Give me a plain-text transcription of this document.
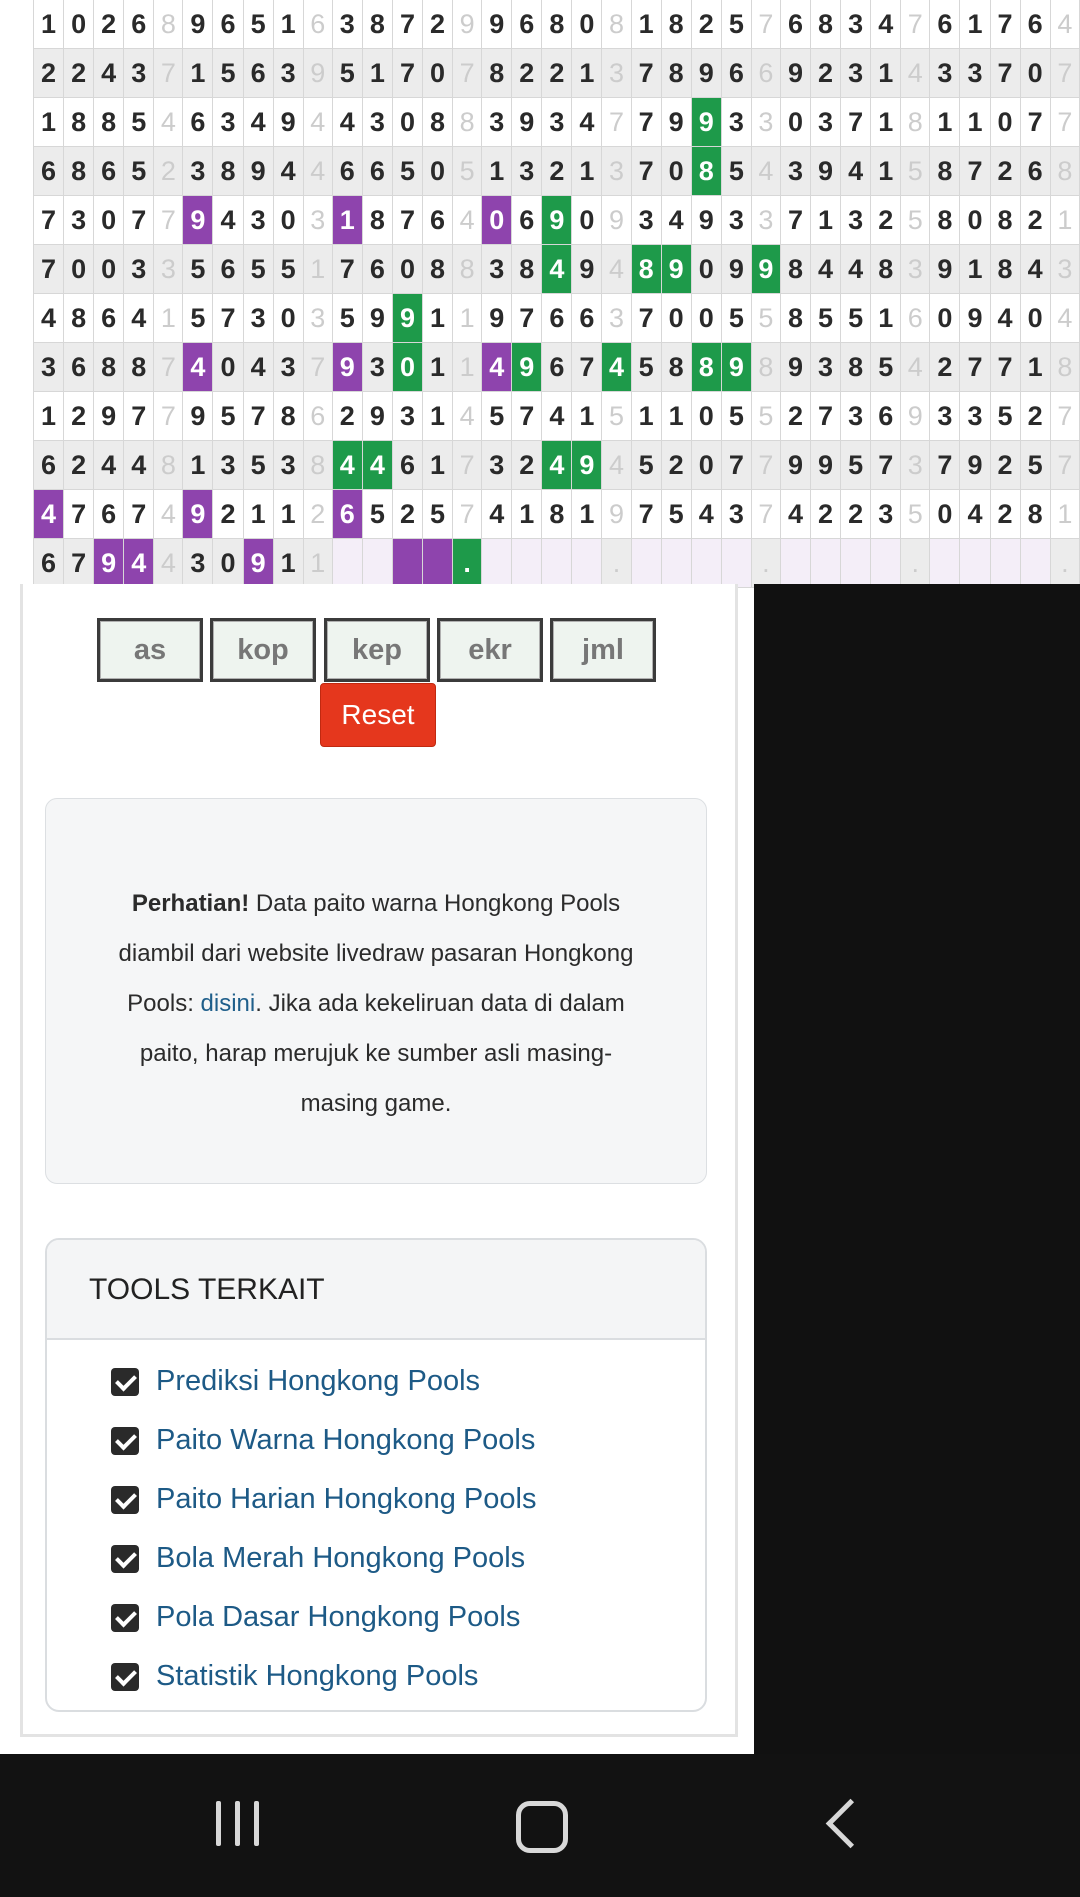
1	0	2	6	8	9	6	5	1	6	3	8	7	2	9	9	6	8	0	8	1	8	2	5	7	6	8	3	4	7	6	1	7	6	4
2	2	4	3	7	1	5	6	3	9	5	1	7	0	7	8	2	2	1	3	7	8	9	6	6	9	2	3	1	4	3	3	7	0	7
1	8	8	5	4	6	3	4	9	4	4	3	0	8	8	3	9	3	4	7	7	9	9	3	3	0	3	7	1	8	1	1	0	7	7
6	8	6	5	2	3	8	9	4	4	6	6	5	0	5	1	3	2	1	3	7	0	8	5	4	3	9	4	1	5	8	7	2	6	8
7	3	0	7	7	9	4	3	0	3	1	8	7	6	4	0	6	9	0	9	3	4	9	3	3	7	1	3	2	5	8	0	8	2	1
7	0	0	3	3	5	6	5	5	1	7	6	0	8	8	3	8	4	9	4	8	9	0	9	9	8	4	4	8	3	9	1	8	4	3
4	8	6	4	1	5	7	3	0	3	5	9	9	1	1	9	7	6	6	3	7	0	0	5	5	8	5	5	1	6	0	9	4	0	4
3	6	8	8	7	4	0	4	3	7	9	3	0	1	1	4	9	6	7	4	5	8	8	9	8	9	3	8	5	4	2	7	7	1	8
1	2	9	7	7	9	5	7	8	6	2	9	3	1	4	5	7	4	1	5	1	1	0	5	5	2	7	3	6	9	3	3	5	2	7
6	2	4	4	8	1	3	5	3	8	4	4	6	1	7	3	2	4	9	4	5	2	0	7	7	9	9	5	7	3	7	9	2	5	7
4	7	6	7	4	9	2	1	1	2	6	5	2	5	7	4	1	8	1	9	7	5	4	3	7	4	2	2	3	5	0	4	2	8	1
6	7	9	4	4	3	0	9	1	1					.					.					.					.					.
as	kop	kep	ekr	jml
Reset
Perhatian! Data paito warna Hongkong Pools diambil dari website livedraw pasaran Hongkong Pools: disini. Jika ada kekeliruan data di dalam paito, harap merujuk ke sumber asli masing-masing game.
TOOLS TERKAIT
Prediksi Hongkong Pools
Paito Warna Hongkong Pools
Paito Harian Hongkong Pools
Bola Merah Hongkong Pools
Pola Dasar Hongkong Pools
Statistik Hongkong Pools
